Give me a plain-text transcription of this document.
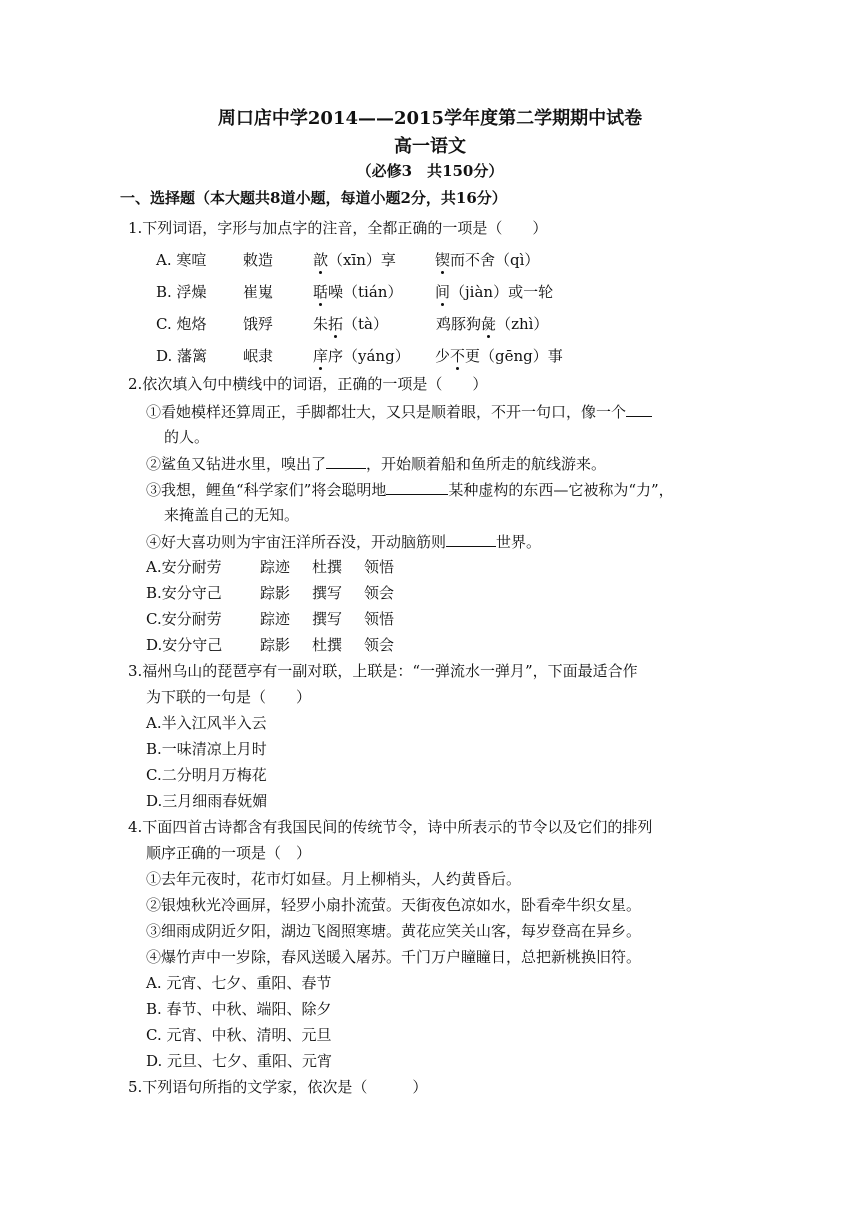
周口店中学2014——2015学年度第二学期期中试卷
高一语文
（必修3　共150分）
一、选择题（本大题共8道小题，每道小题2分，共16分）
1.下列词语，字形与加点字的注音，全都正确的一项是（　　）
A. 寒喧 敕造	歆（xīn）享	锲而不舍（qì）
B. 浮燥 崔嵬	聒噪（tián） 间（jiàn）或一轮
C. 炮烙 饿殍	朱拓（tà）	鸡豚狗彘（zhì）
D. 藩篱 岷隶	庠序（yáng） 少不更（gēng）事
2.依次填入句中横线中的词语，正确的一项是（　　）
①看她模样还算周正，手脚都壮大，又只是顺着眼，不开一句口，像一个
的人。
②鲨鱼又钻进水里，嗅出了	，开始顺着船和鱼所走的航线游来。
③我想，鲤鱼“科学家们”将会聪明地	某种虚构的东西—它被称为“力”，
来掩盖自己的无知。
④好大喜功则为宇宙汪洋所吞没，开动脑筋则	世界。
A.安分耐劳	踪迹 杜撰 领悟
B.安分守己	踪影 撰写 领会
C.安分耐劳	踪迹 撰写 领悟
D.安分守己	踪影 杜撰 领会
3.福州乌山的琵琶亭有一副对联，上联是：“一弹流水一弹月”，下面最适合作
为下联的一句是（　　）
A.半入江风半入云
B.一味清凉上月时
C.二分明月万梅花
D.三月细雨春妩媚
4.下面四首古诗都含有我国民间的传统节令，诗中所表示的节令以及它们的排列
顺序正确的一项是（　）
①去年元夜时，花市灯如昼。月上柳梢头，人约黄昏后。
②银烛秋光冷画屏，轻罗小扇扑流萤。天街夜色凉如水，卧看牵牛织女星。
③细雨成阴近夕阳，湖边飞阁照寒塘。黄花应笑关山客，每岁登高在异乡。
④爆竹声中一岁除，春风送暖入屠苏。千门万户瞳瞳日，总把新桃换旧符。
A. 元宵、七夕、重阳、春节
B. 春节、中秋、端阳、除夕
C. 元宵、中秋、清明、元旦
D. 元旦、七夕、重阳、元宵
5.下列语句所指的文学家，依次是（　　　）
